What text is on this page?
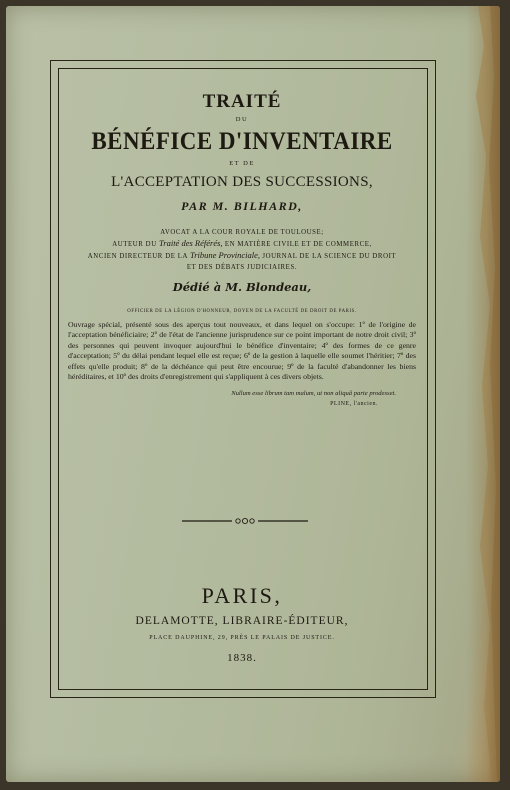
TRAITÉ

DU

BÉNÉFICE D'INVENTAIRE

ET DE

L'ACCEPTATION DES SUCCESSIONS,

PAR M. BILHARD,

AVOCAT A LA COUR ROYALE DE TOULOUSE;

AUTEUR DU Traité des Référés, EN MATIÈRE CIVILE ET DE COMMERCE,

ANCIEN DIRECTEUR DE LA Tribune Provinciale, JOURNAL DE LA SCIENCE DU DROIT

ET DES DÉBATS JUDICIAIRES.

Dédié à M. Blondeau,

OFFICIER DE LA LÉGION D'HONNEUR, DOYEN DE LA FACULTÉ DE DROIT DE PARIS.

Ouvrage spécial, présenté sous des aperçus tout nouveaux, et dans lequel on s'occupe: 1º de l'origine de l'acceptation bénéficiaire; 2º de l'état de l'ancienne jurisprudence sur ce point important de notre droit civil; 3º des personnes qui peuvent invoquer aujourd'hui le bénéfice d'inventaire; 4º des formes de ce genre d'acceptation; 5º du délai pendant lequel elle est reçue; 6º de la gestion à laquelle elle soumet l'héritier; 7º des effets qu'elle produit; 8º de la déchéance qui peut être encourue; 9º de la faculté d'abandonner les biens héréditaires, et 10º des droits d'enregistrement qui s'appliquent à ces divers objets.

Nullum esse librum tam malum, ut non aliquâ parte prodesset.

PLINE, l'ancien.

PARIS,

DELAMOTTE, LIBRAIRE-ÉDITEUR,

PLACE DAUPHINE, 29, PRÈS LE PALAIS DE JUSTICE.

1838.
